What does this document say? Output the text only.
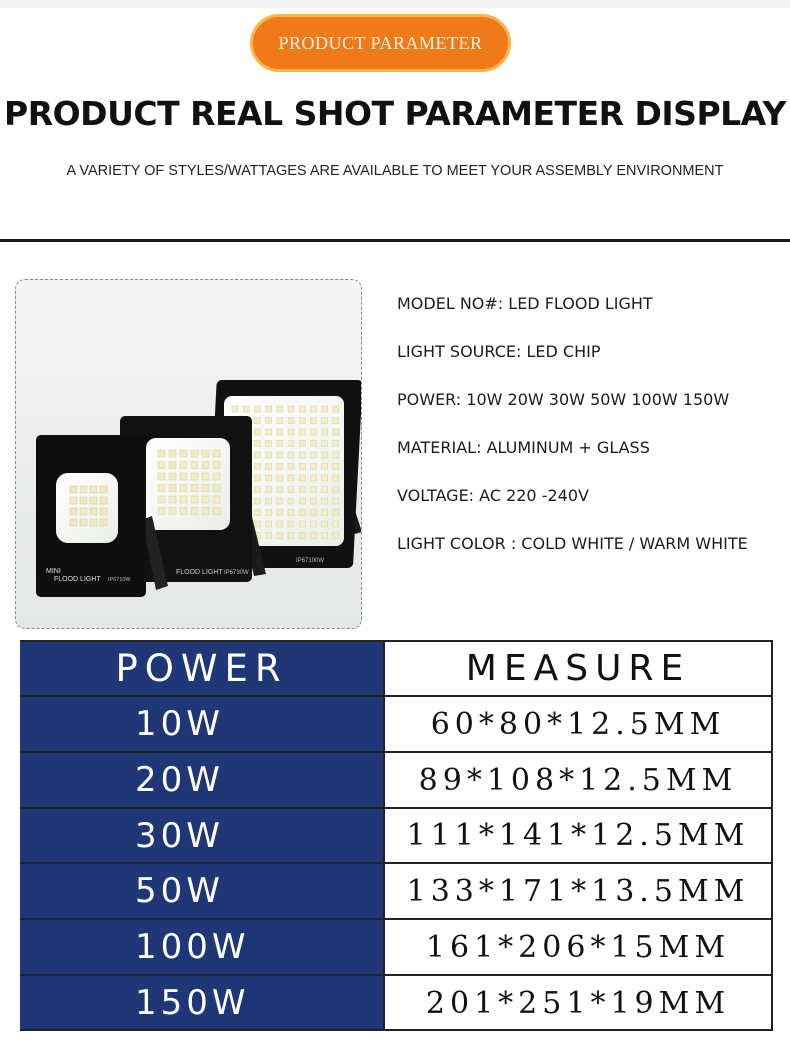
PRODUCT PARAMETER
PRODUCT REAL SHOT PARAMETER DISPLAY
A VARIETY OF STYLES/WATTAGES ARE AVAILABLE TO MEET YOUR ASSEMBLY ENVIRONMENT
IP67100W
FLOOD LIGHT IP6730W
MINI
FLOOD LIGHT IP6710W
MODEL NO#: LED FLOOD LIGHT
LIGHT SOURCE: LED CHIP
POWER: 10W 20W 30W 50W 100W 150W
MATERIAL: ALUMINUM + GLASS
VOLTAGE: AC 220 -240V
LIGHT COLOR : COLD WHITE / WARM WHITE
POWER	MEASURE
10W	60*80*12.5MM
20W	89*108*12.5MM
30W	111*141*12.5MM
50W	133*171*13.5MM
100W	161*206*15MM
150W	201*251*19MM
